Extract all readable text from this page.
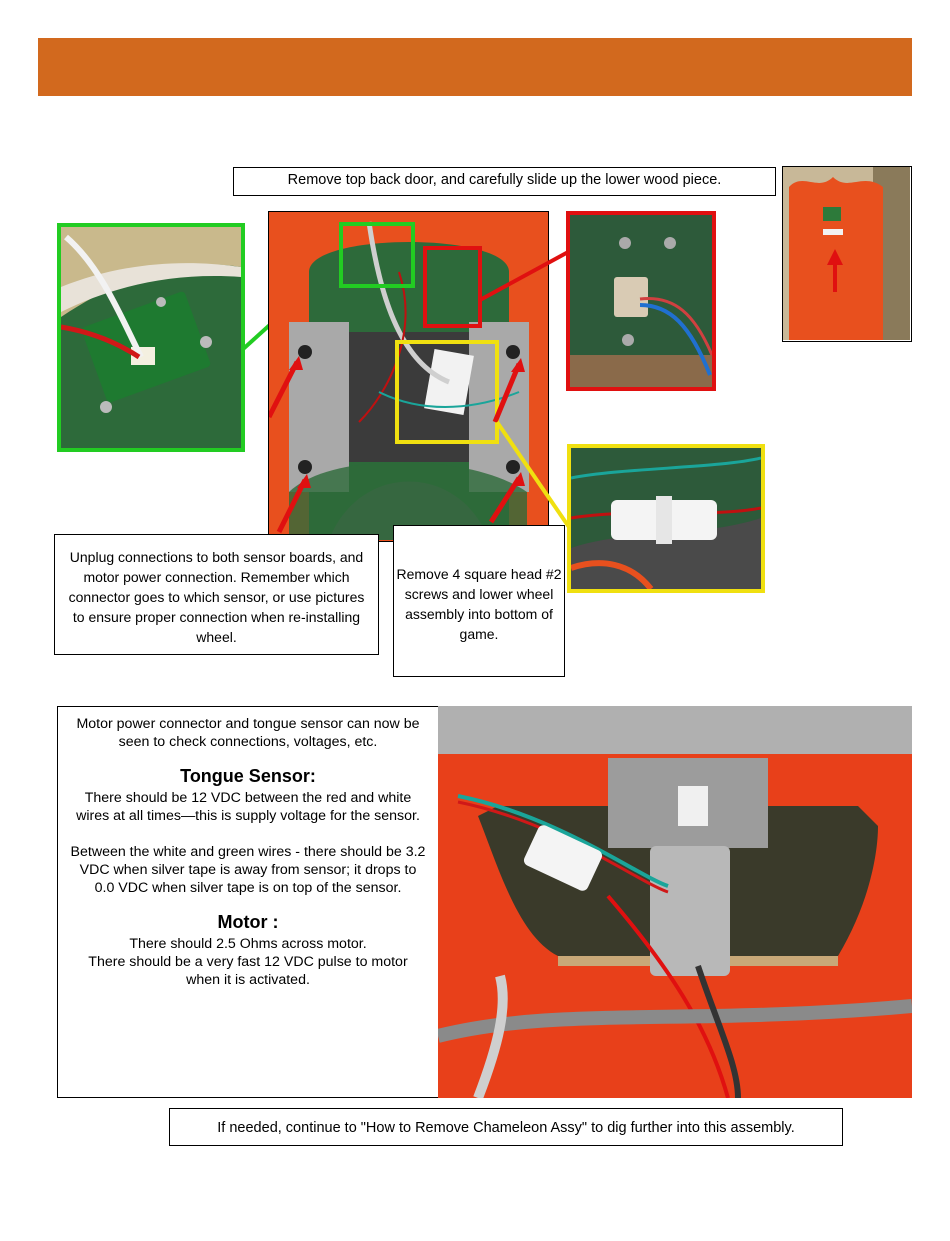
Remove top back door, and carefully slide up the lower wood piece.
Unplug connections to both sensor boards, and motor power connection. Remember which connector goes to which sensor, or use pictures to ensure proper connection when re-installing wheel.
Remove 4 square head #2 screws and lower wheel assembly into bottom of game.

Motor power connector and tongue sensor can now be seen to check connections, voltages, etc.

Tongue Sensor:

There should be 12 VDC between the red and white wires at all times—this is supply voltage for the sensor.

Between the white and green wires - there should be 3.2 VDC when silver tape is away from sensor; it drops to 0.0 VDC when silver tape is on top of the sensor.

Motor :

There should 2.5 Ohms across motor.

There should be a very fast 12 VDC pulse to motor when it is activated.

If needed, continue to "How to Remove Chameleon Assy" to dig further into this assembly.
